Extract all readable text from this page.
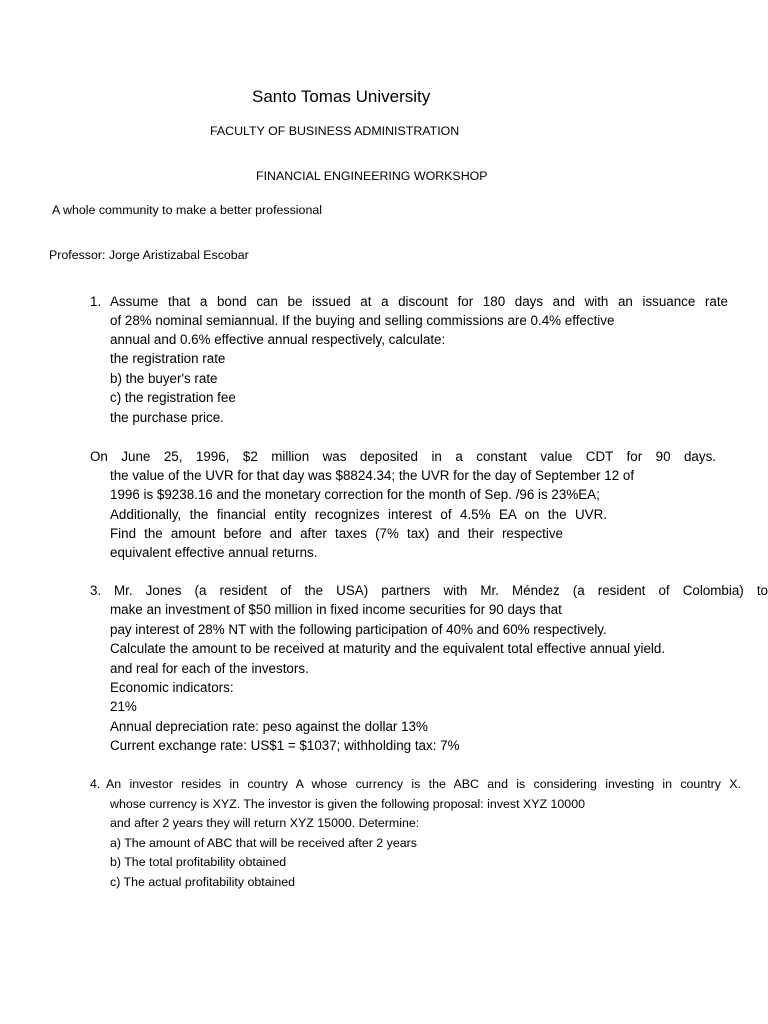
Santo Tomas University
FACULTY OF BUSINESS ADMINISTRATION
FINANCIAL ENGINEERING WORKSHOP
A whole community to make a better professional
Professor: Jorge Aristizabal Escobar
1. Assume that a bond can be issued at a discount for 180 days and with an issuance rate
of 28% nominal semiannual. If the buying and selling commissions are 0.4% effective
annual and 0.6% effective annual respectively, calculate:
the registration rate
b) the buyer's rate
c) the registration fee
the purchase price.
On June 25, 1996, $2 million was deposited in a constant value CDT for 90 days.
the value of the UVR for that day was $8824.34; the UVR for the day of September 12 of
1996 is $9238.16 and the monetary correction for the month of Sep. /96 is 23%EA;
Additionally, the financial entity recognizes interest of 4.5% EA on the UVR.
Find the amount before and after taxes (7% tax) and their respective
equivalent effective annual returns.
3. Mr. Jones (a resident of the USA) partners with Mr. Méndez (a resident of Colombia) to
make an investment of $50 million in fixed income securities for 90 days that
pay interest of 28% NT with the following participation of 40% and 60% respectively.
Calculate the amount to be received at maturity and the equivalent total effective annual yield.
and real for each of the investors.
Economic indicators:
21%
Annual depreciation rate: peso against the dollar 13%
Current exchange rate: US$1 = $1037; withholding tax: 7%
4. An investor resides in country A whose currency is the ABC and is considering investing in country X.
whose currency is XYZ. The investor is given the following proposal: invest XYZ 10000
and after 2 years they will return XYZ 15000. Determine:
a) The amount of ABC that will be received after 2 years
b) The total profitability obtained
c) The actual profitability obtained
